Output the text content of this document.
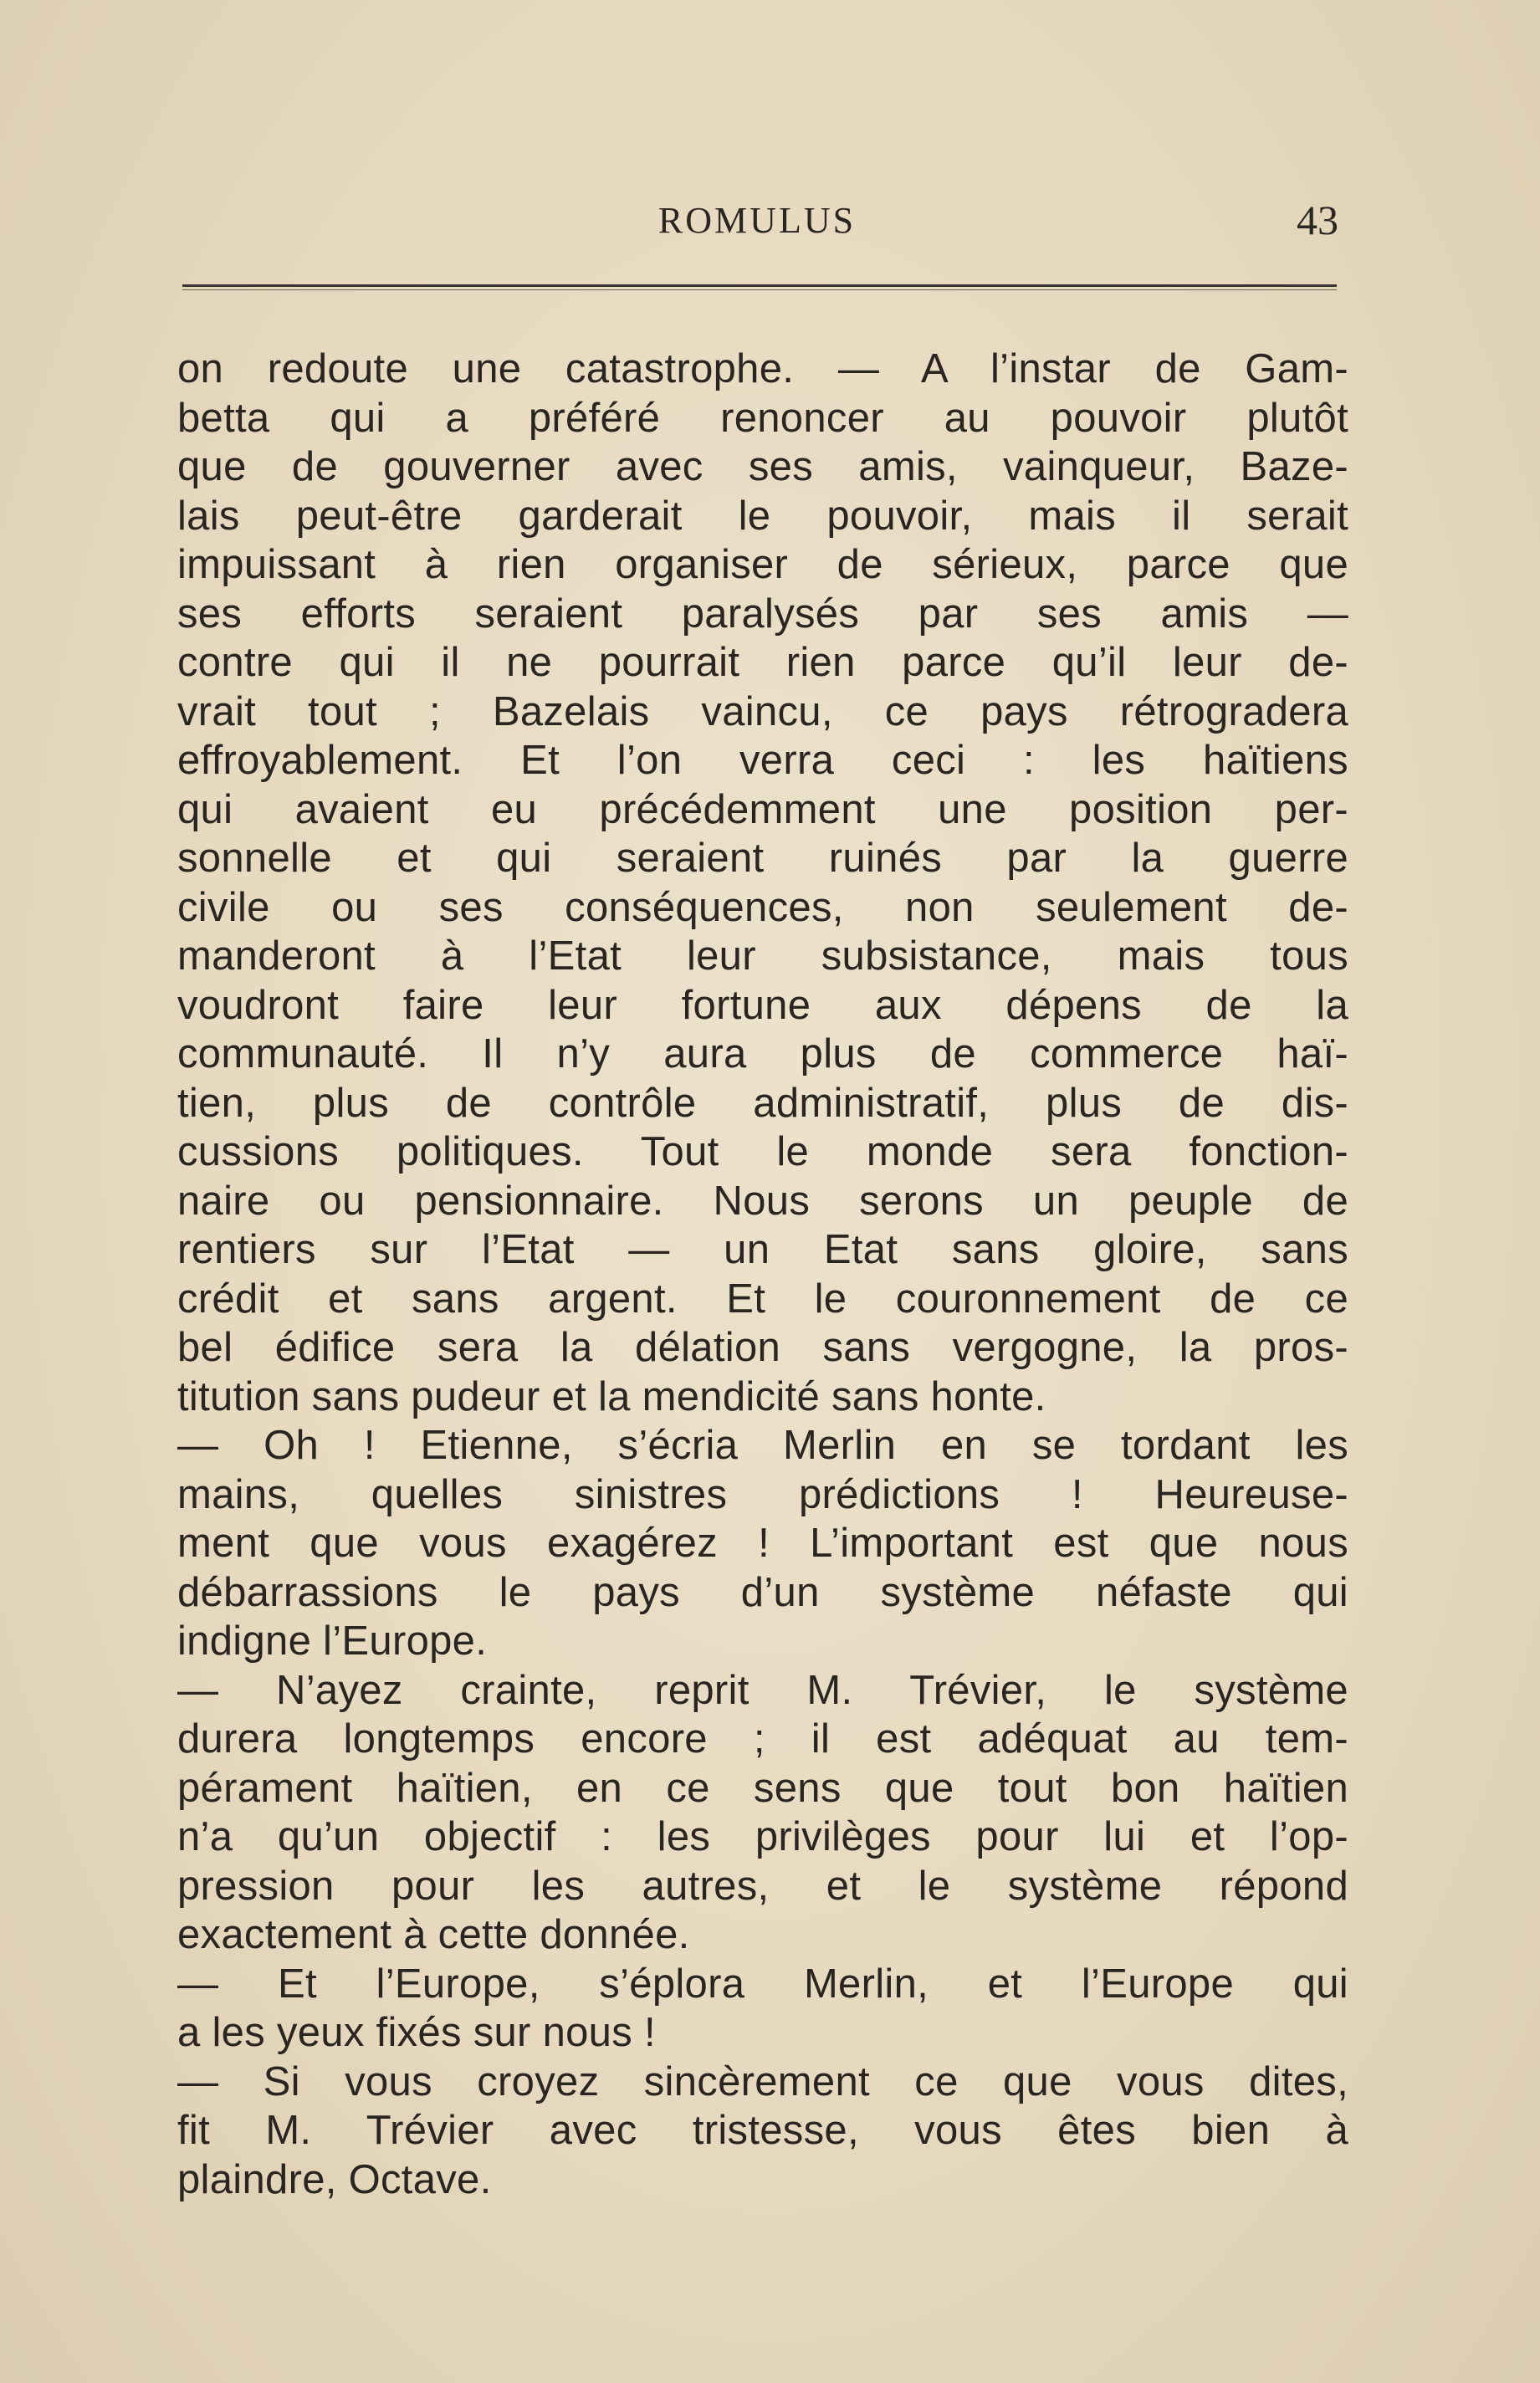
ROMULUS	43
on redoute une catastrophe. — A l’instar de Gam-
betta qui a préféré renoncer au pouvoir plutôt
que de gouverner avec ses amis, vainqueur, Baze-
lais peut-être garderait le pouvoir, mais il serait
impuissant à rien organiser de sérieux, parce que
ses efforts seraient paralysés par ses amis —
contre qui il ne pourrait rien parce qu’il leur de-
vrait tout ; Bazelais vaincu, ce pays rétrogradera
effroyablement. Et l’on verra ceci : les haïtiens
qui avaient eu précédemment une position per-
sonnelle et qui seraient ruinés par la guerre
civile ou ses conséquences, non seulement de-
manderont à l’Etat leur subsistance, mais tous
voudront faire leur fortune aux dépens de la
communauté. Il n’y aura plus de commerce haï-
tien, plus de contrôle administratif, plus de dis-
cussions politiques. Tout le monde sera fonction-
naire ou pensionnaire. Nous serons un peuple de
rentiers sur l’Etat — un Etat sans gloire, sans
crédit et sans argent. Et le couronnement de ce
bel édifice sera la délation sans vergogne, la pros-
titution sans pudeur et la mendicité sans honte.
— Oh ! Etienne, s’écria Merlin en se tordant les
mains, quelles sinistres prédictions ! Heureuse-
ment que vous exagérez ! L’important est que nous
débarrassions le pays d’un système néfaste qui
indigne l’Europe.
— N’ayez crainte, reprit M. Trévier, le système
durera longtemps encore ; il est adéquat au tem-
pérament haïtien, en ce sens que tout bon haïtien
n’a qu’un objectif : les privilèges pour lui et l’op-
pression pour les autres, et le système répond
exactement à cette donnée.
— Et l’Europe, s’éplora Merlin, et l’Europe qui
a les yeux fixés sur nous !
— Si vous croyez sincèrement ce que vous dites,
fit M. Trévier avec tristesse, vous êtes bien à
plaindre, Octave.
